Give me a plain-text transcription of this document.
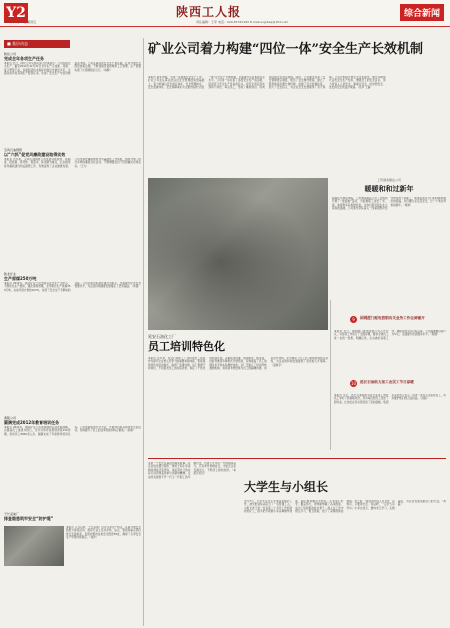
Y2	陕西工人报	综合新闻
2013年1月11日 星期五	责任编辑：王军 电话：029-87331182 E-mail:sxgrbsq@163.com
■ 基层动态
陕化公司
完成全年各项生产任务
本报讯 近日，陕化公司从相关部门传来消息：公司连续安全生产，截至2012年12月31日全年生产合成氨、尿素、复合肥等产品，各项经济技术指标均创历史最好水平，全面完成年度各项生产经营任务，实现了安全生产与经济效益双丰收。公司认真落实安全生产责任制，扎实开展安全隐患排查治理，不断加强设备管理和工艺管理，生产装置实现了长周期稳定运行。（杨柳）
宝鸡石油钢管
以“六抓”促党风廉政建设取得实效
本报讯 近年来，宝鸡石油钢管公司党委以抓教育、抓制度、抓监督、抓考核、抓落实、抓创新为重点，扎实推进党风廉政建设和反腐败工作，有效促进了企业健康发展。公司坚持把廉政教育作为基础性工作来抓，组织开展了形式多样的廉政文化活动，不断增强党员干部的廉洁自律意识。（王力）
陕北矿业
生产原煤250万吨
本报讯 2012年，陕北矿业公司坚持以安全生产为中心，不断优化生产组织，强化现场管理，全年累计生产原煤250万吨，完成年度计划的103%，实现了安全生产无事故的目标。公司以质量标准化建设为抓手，全面提升矿井安全管理水平，为企业持续健康发展奠定了坚实基础。（李强）
黄陵公司
圆满完成2012年教育培训任务
本报讯 2012年，黄陵矿业公司紧紧围绕企业发展战略，以提高员工素质为核心，全年共举办各类培训班120余期，培训员工8000余人次，圆满完成了年度教育培训任务。公司创新培训方式方法，开展岗位练兵和技术比武活动，有效提升了员工的业务技能和综合素质。（赵敏）
子长采油厂
排查隐患筑牢安全“防护堤”
本报讯 入冬以来，子长采油厂针对冬季生产特点，认真开展安全隐患大排查活动，组织专业人员对井场、站点、管线等重点部位进行全面检查，发现并整改各类安全隐患56处，确保了冬季安全生产形势持续稳定。（刘洋）
矿业公司着力构建“四位一体”安全生产长效机制
本报讯 新年伊始，为进一步加强安全生产工作，矿业公司在认真总结以往安全管理经验的基础上，着力构建以安全责任体系、安全管理体系、安全监督体系、安全保障体系为主要内容的“四位一体”安全生产长效机制，全面提升企业本质安全水平。公司进一步完善了各级安全生产责任制，层层签订安全生产目标责任书，将安全责任落实到每个岗位、每名员工，形成了横向到边、纵向到底的安全责任网络。同时，公司健全完善了安全管理规章制度，规范了安全操作规程，建立了隐患排查治理长效机制，加强了安全监督检查，加大了安全投入，为企业安全发展提供了有力保障。公司还积极开展安全文化建设，通过多种形式宣传安全生产知识，增强员工的安全意识，努力营造人人讲安全、事事为安全、时时想安全、处处保安全的良好氛围。（张华 王磊）
工贸港务镇法公司
暖暖和和过新年
新春佳节即将来临，工贸港务镇法公司工会组织开展了“送温暖”活动，为困难职工送去了米、面、油等慰问品和慰问金，让他们感受到企业大家庭的温暖。公司领导带队深入一线看望慰问坚守岗位的干部职工，向他们致以节日的问候和美好的祝福，并叮嘱大家注意安全，过一个欢乐祥和的新年。（周婷）
延安石油化工厂
员工培训特色化
本报讯 近年来，延安石油化工厂坚持把员工培训作为提升企业核心竞争力的重要举措来抓，积极探索特色化培训模式，取得了显著成效。该厂根据不同岗位、不同层次员工的实际需求，制定了个性化的培训计划，采取集中授课、现场教学、师带徒、技能竞赛等多种形式开展培训，有效提高了员工的理论水平和实际操作技能。该厂还建立了培训考核激励机制，将培训考核结果与员工的薪酬待遇、岗位晋升挂钩，充分调动了员工学习的积极性和主动性，为企业的持续发展提供了坚实的人才保障。（高新宇）
9	国网澄门配电营销有关业务工作全面铺开
本报讯 近日，国网澄门配电营销公司召开会议，对各项工作进行了全面部署，要求全体员工进一步统一思想，明确任务，扎实做好各项工作，确保完成全年目标任务。公司强调要以客户为中心，全面提升优质服务水平。（陈刚）
10 延长石油助力加工农民工节日添暖
本报讯 近日，延长石油集团为在企业务工的农民工举办了新春联欢会，并为每位农民工送去了慰问品，让他们在异乡感受到了家的温暖。集团有关负责人表示，将进一步关心关爱农民工，切实维护他们的合法权益。（孙丽）
这是一个发生在基层的真实故事。在企业的发展过程中，像老王和小李这样的师徒还有很多，他们用自己的实际行动诠释着传承与创新的精神。企业的发展离不开一代又一代职工的辛勤付出，也离不开年轻一代的接续奋斗。只有老中青相结合，才能让企业充满活力，不断迈上新的台阶。（本报评论员）
大学生与小组长
去年7月，大学毕业生小李来到某煤矿工作，被分配到综采队当了一名普通工人。小组长老王是一位有着二十多年工作经验的老矿工，他手把手地教小李各种操作技能，耐心地讲解安全知识。小李虚心好学，勤奋努力，很快就掌握了各项技能，成为了班组里的技术骨干。两人在工作中相互学习、相互帮助，结下了深厚的师徒情谊。老王说：“现在的年轻人有文化、有知识，只要肯吃苦、肯钻研，一定会大有作为。”小李也表示，要向老王学习，扎根基层，为企业发展贡献自己的力量。（郑磊）
